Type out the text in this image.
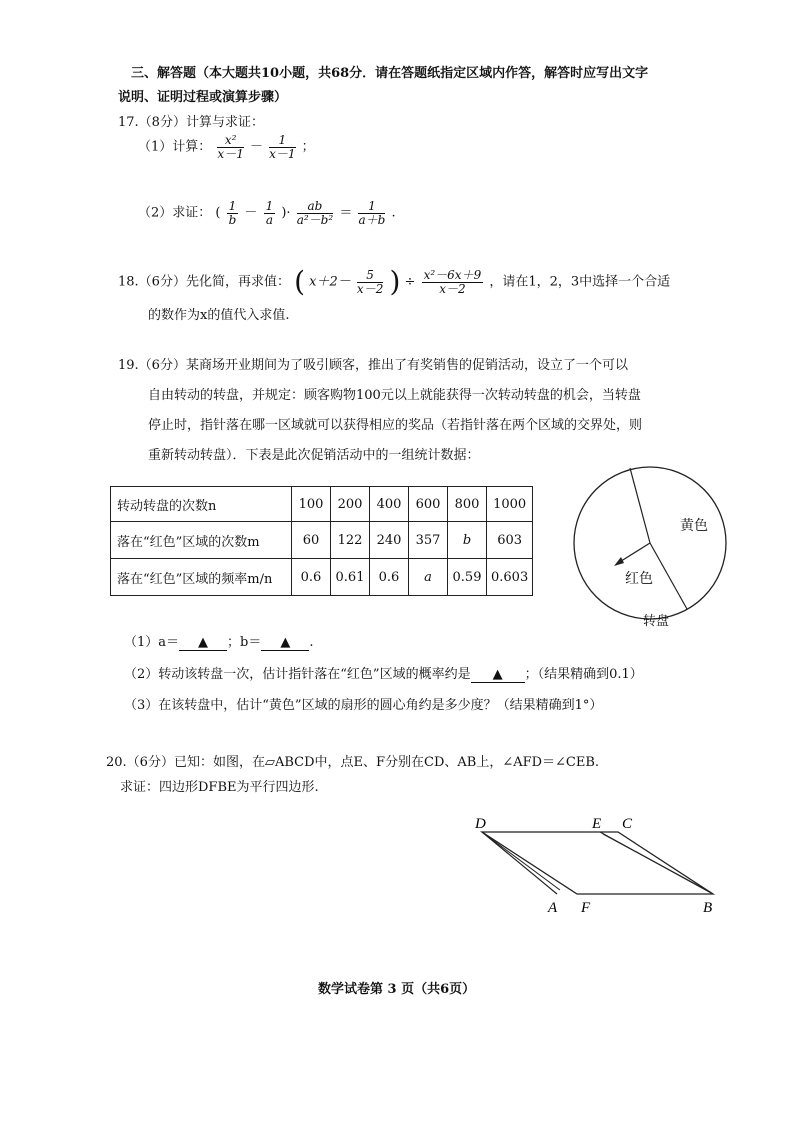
三、解答题（本大题共10小题，共68分．请在答题纸指定区域内作答，解答时应写出文字
说明、证明过程或演算步骤）
17.（8分）计算与求证：
（1）计算： $\frac{\text{x²}}{x-1} - \frac{1}{x-1}$ ；
（2）求证： ( $\frac{1}{b} - \frac{1}{a}$ )· $\frac{ab}{\text{a²－b²}} = \frac{1}{a+b}$ .
18.（6分）先化简，再求值： ( $x+2- \frac{5}{x-2}$ ) ÷ $\frac{\text{x²－6x＋9}}{x-2}$ ，请在1，2，3中选择一个合适
的数作为x的值代入求值.
19.（6分）某商场开业期间为了吸引顾客，推出了有奖销售的促销活动，设立了一个可以
自由转动的转盘，并规定：顾客购物100元以上就能获得一次转动转盘的机会，当转盘
停止时，指针落在哪一区域就可以获得相应的奖品（若指针落在两个区域的交界处，则
重新转动转盘）．下表是此次促销活动中的一组统计数据：
转动转盘的次数n	100	200	400	600	800	1000
落在“红色”区域的次数m	60	122	240	357	b	603
落在“红色”区域的频率m/n	0.6	0.61	0.6	a	0.59	0.603
黄色
红色
转盘
（1）a＝ ▲ ；b＝ ▲ .
（2）转动该转盘一次，估计指针落在“红色”区域的概率约是 ▲ ；（结果精确到0.1）
（3）在该转盘中，估计“黄色”区域的扇形的圆心角约是多少度？（结果精确到1°）
20.（6分）已知：如图，在▱ABCD中，点E、F分别在CD、AB上，∠AFD＝∠CEB.
求证：四边形DFBE为平行四边形.
D	E C
A F	B
数学试卷第 3 页（共6页）
